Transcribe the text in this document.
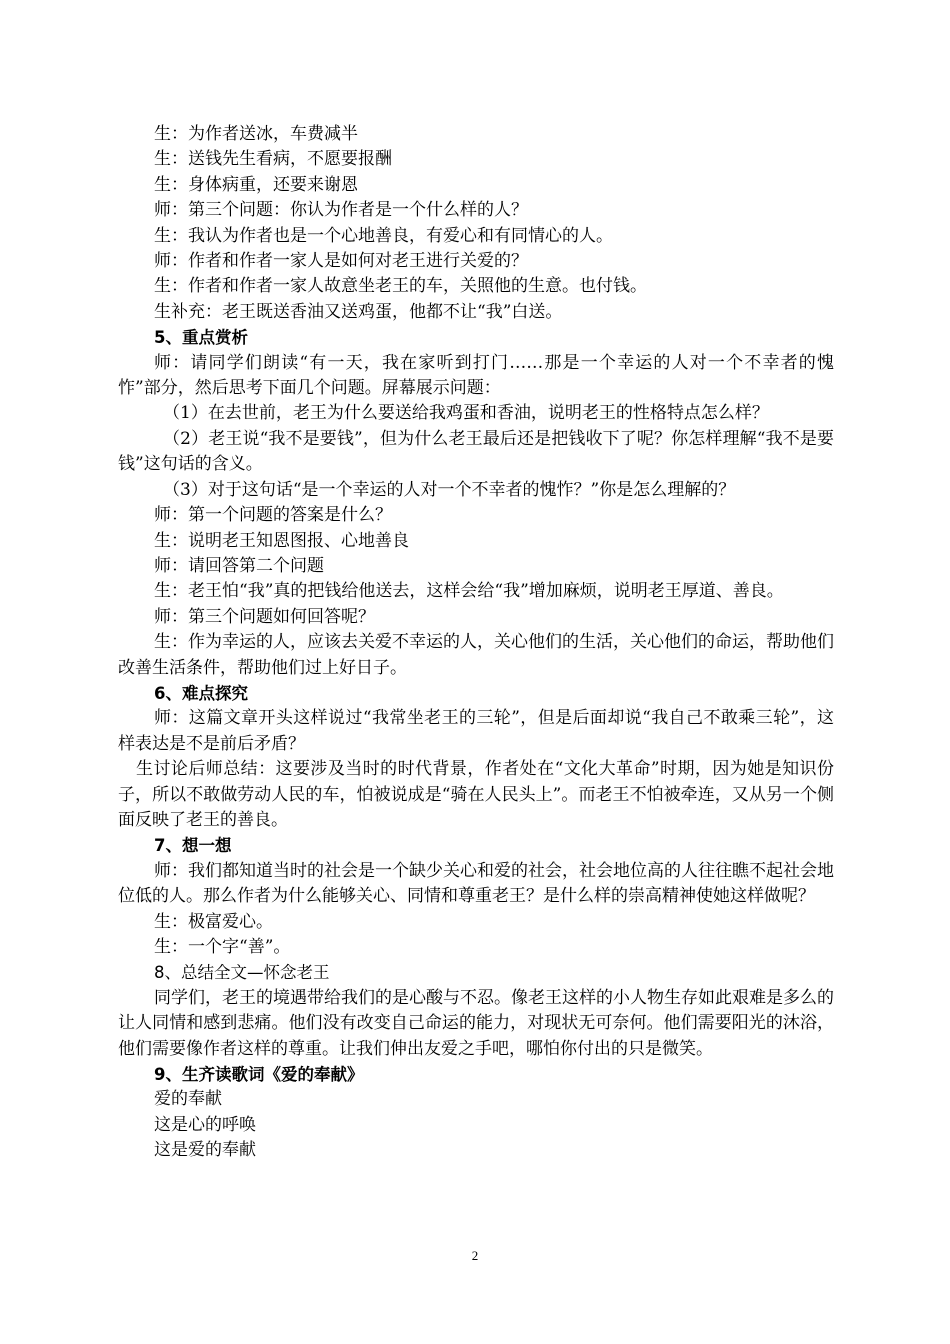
生：为作者送冰，车费减半

生：送钱先生看病，不愿要报酬

生：身体病重，还要来谢恩

师：第三个问题：你认为作者是一个什么样的人？

生：我认为作者也是一个心地善良，有爱心和有同情心的人。

师：作者和作者一家人是如何对老王进行关爱的？

生：作者和作者一家人故意坐老王的车，关照他的生意。也付钱。

生补充：老王既送香油又送鸡蛋，他都不让“我”白送。

5、重点赏析

师：请同学们朗读“有一天，我在家听到打门……那是一个幸运的人对一个不幸者的愧怍”部分，然后思考下面几个问题。屏幕展示问题：

（1）在去世前，老王为什么要送给我鸡蛋和香油，说明老王的性格特点怎么样？

（2）老王说“我不是要钱”，但为什么老王最后还是把钱收下了呢？你怎样理解“我不是要钱”这句话的含义。

（3）对于这句话“是一个幸运的人对一个不幸者的愧怍？”你是怎么理解的？

师：第一个问题的答案是什么？

生：说明老王知恩图报、心地善良

师：请回答第二个问题

生：老王怕“我”真的把钱给他送去，这样会给“我”增加麻烦，说明老王厚道、善良。

师：第三个问题如何回答呢？

生：作为幸运的人，应该去关爱不幸运的人，关心他们的生活，关心他们的命运，帮助他们改善生活条件，帮助他们过上好日子。

6、难点探究

师：这篇文章开头这样说过“我常坐老王的三轮”，但是后面却说“我自己不敢乘三轮”，这样表达是不是前后矛盾？

生讨论后师总结：这要涉及当时的时代背景，作者处在“文化大革命”时期，因为她是知识份子，所以不敢做劳动人民的车，怕被说成是“骑在人民头上”。而老王不怕被牵连，又从另一个侧面反映了老王的善良。

7、想一想

师：我们都知道当时的社会是一个缺少关心和爱的社会，社会地位高的人往往瞧不起社会地位低的人。那么作者为什么能够关心、同情和尊重老王？是什么样的崇高精神使她这样做呢？

生：极富爱心。

生：一个字“善”。

8、总结全文—怀念老王

同学们，老王的境遇带给我们的是心酸与不忍。像老王这样的小人物生存如此艰难是多么的让人同情和感到悲痛。他们没有改变自己命运的能力，对现状无可奈何。他们需要阳光的沐浴，他们需要像作者这样的尊重。让我们伸出友爱之手吧，哪怕你付出的只是微笑。

9、生齐读歌词《爱的奉献》

爱的奉献

这是心的呼唤

这是爱的奉献

2
